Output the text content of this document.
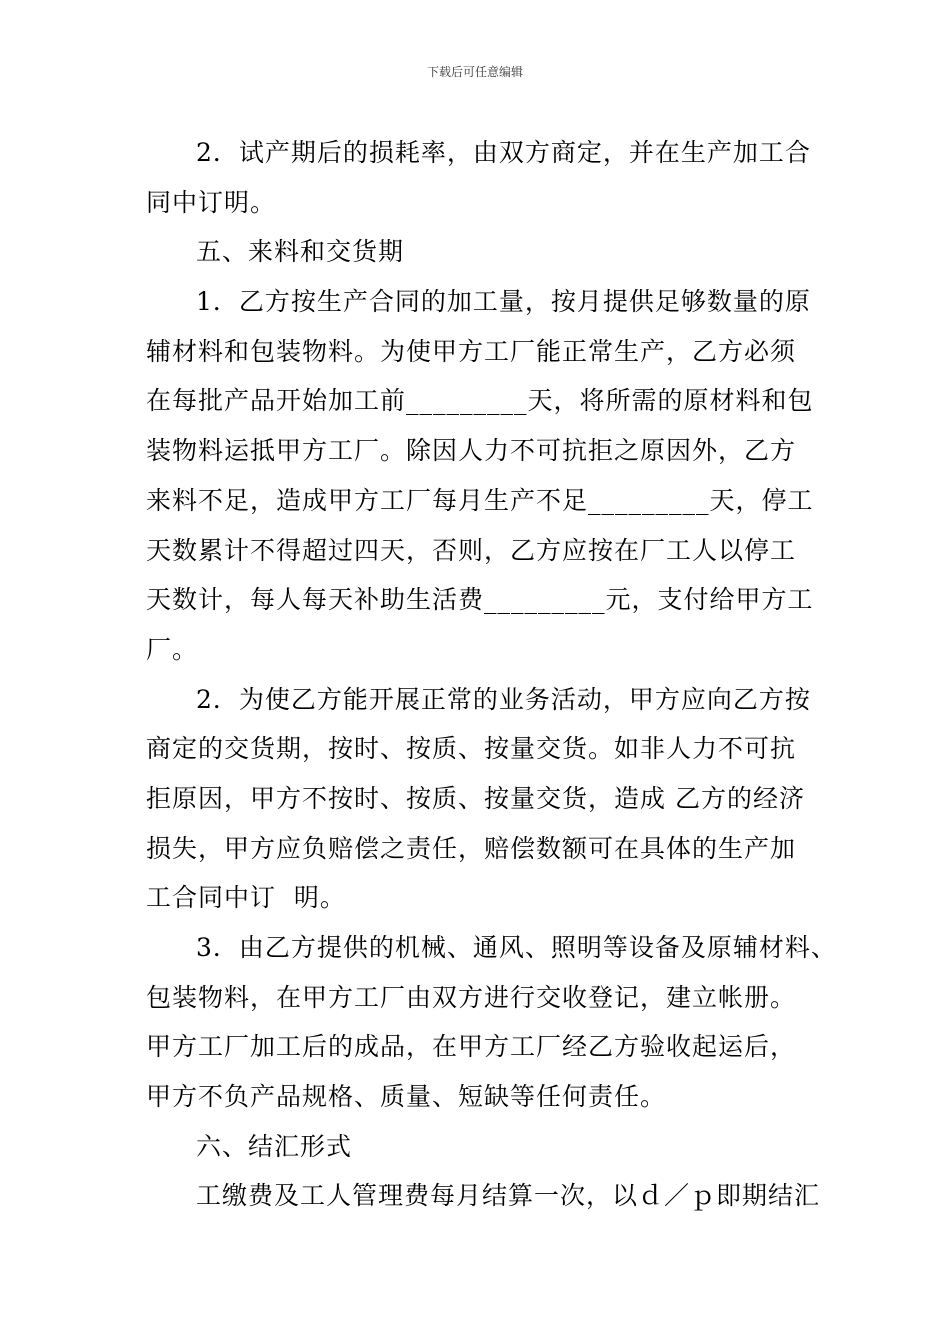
下载后可任意编辑
2．试产期后的损耗率，由双方商定，并在生产加工合
同中订明。
五、来料和交货期
1．乙方按生产合同的加工量，按月提供足够数量的原
辅材料和包装物料。为使甲方工厂能正常生产，乙方必须
在每批产品开始加工前_________天，将所需的原材料和包
装物料运抵甲方工厂。除因人力不可抗拒之原因外，乙方
来料不足，造成甲方工厂每月生产不足_________天，停工
天数累计不得超过四天，否则，乙方应按在厂工人以停工
天数计，每人每天补助生活费_________元，支付给甲方工
厂。
2．为使乙方能开展正常的业务活动，甲方应向乙方按
商定的交货期，按时、按质、按量交货。如非人力不可抗
拒原因，甲方不按时、按质、按量交货，造成 乙方的经济
损失，甲方应负赔偿之责任，赔偿数额可在具体的生产加
工合同中订  明。
3．由乙方提供的机械、通风、照明等设备及原辅材料、
包装物料，在甲方工厂由双方进行交收登记，建立帐册。
甲方工厂加工后的成品，在甲方工厂经乙方验收起运后，
甲方不负产品规格、质量、短缺等任何责任。
六、结汇形式
工缴费及工人管理费每月结算一次，以ｄ／ｐ即期结汇
